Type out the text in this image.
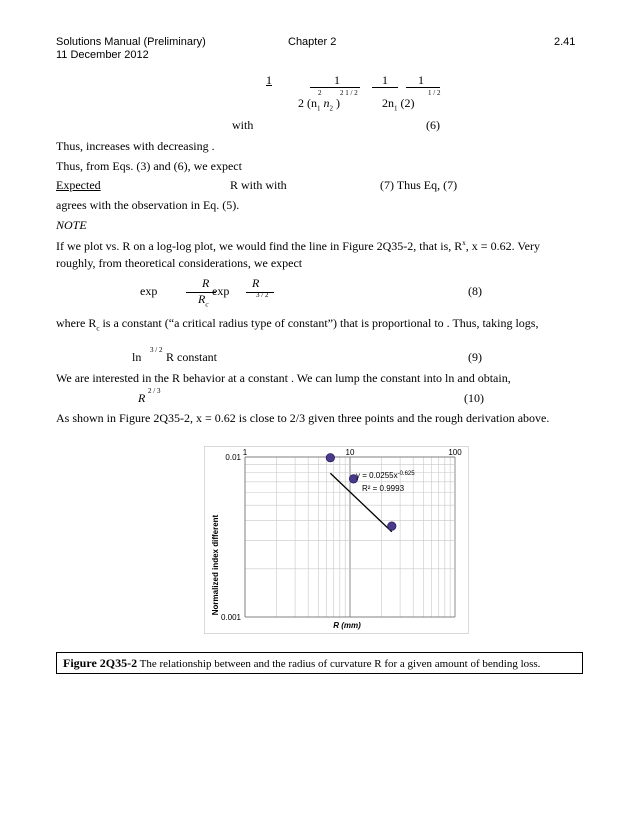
Solutions Manual (Preliminary)
11 December 2012
Chapter 2	2.41
1	1	1	1
2	2 1 / 2	1 / 2
2 ($n_1$ $n_2$ )	$2n_1$ (2)
with	(6)
Thus, increases with decreasing .
Thus, from Eqs. (3) and (6), we expect
Expected	R with with	(7) Thus Eq, (7)
agrees with the observation in Eq. (5).
NOTE
If we plot vs. R on a log-log plot, we would find the line in Figure 2Q35-2, that is, $R^x$, x = 0.62. Very roughly, from theoretical considerations, we expect
exp
R
$R_c$
exp
R
3 / 2	(8)
where $R_c$ is a constant (“a critical radius type of constant”) that is proportional to . Thus, taking logs,
ln 3 / 2 R constant	(9)
We are interested in the R behavior at a constant . We can lump the constant into ln and obtain,
R 2 / 3	(10)
As shown in Figure 2Q35-2, x = 0.62 is close to 2/3 given three points and the rough derivation above.
1	10	100
0.01
0.001
R (mm)
Normalized index different
$y = 0.0255x^{-0.625}$
R² = 0.9993
Figure 2Q35-2 The relationship between and the radius of curvature R for a given amount of bending loss.
